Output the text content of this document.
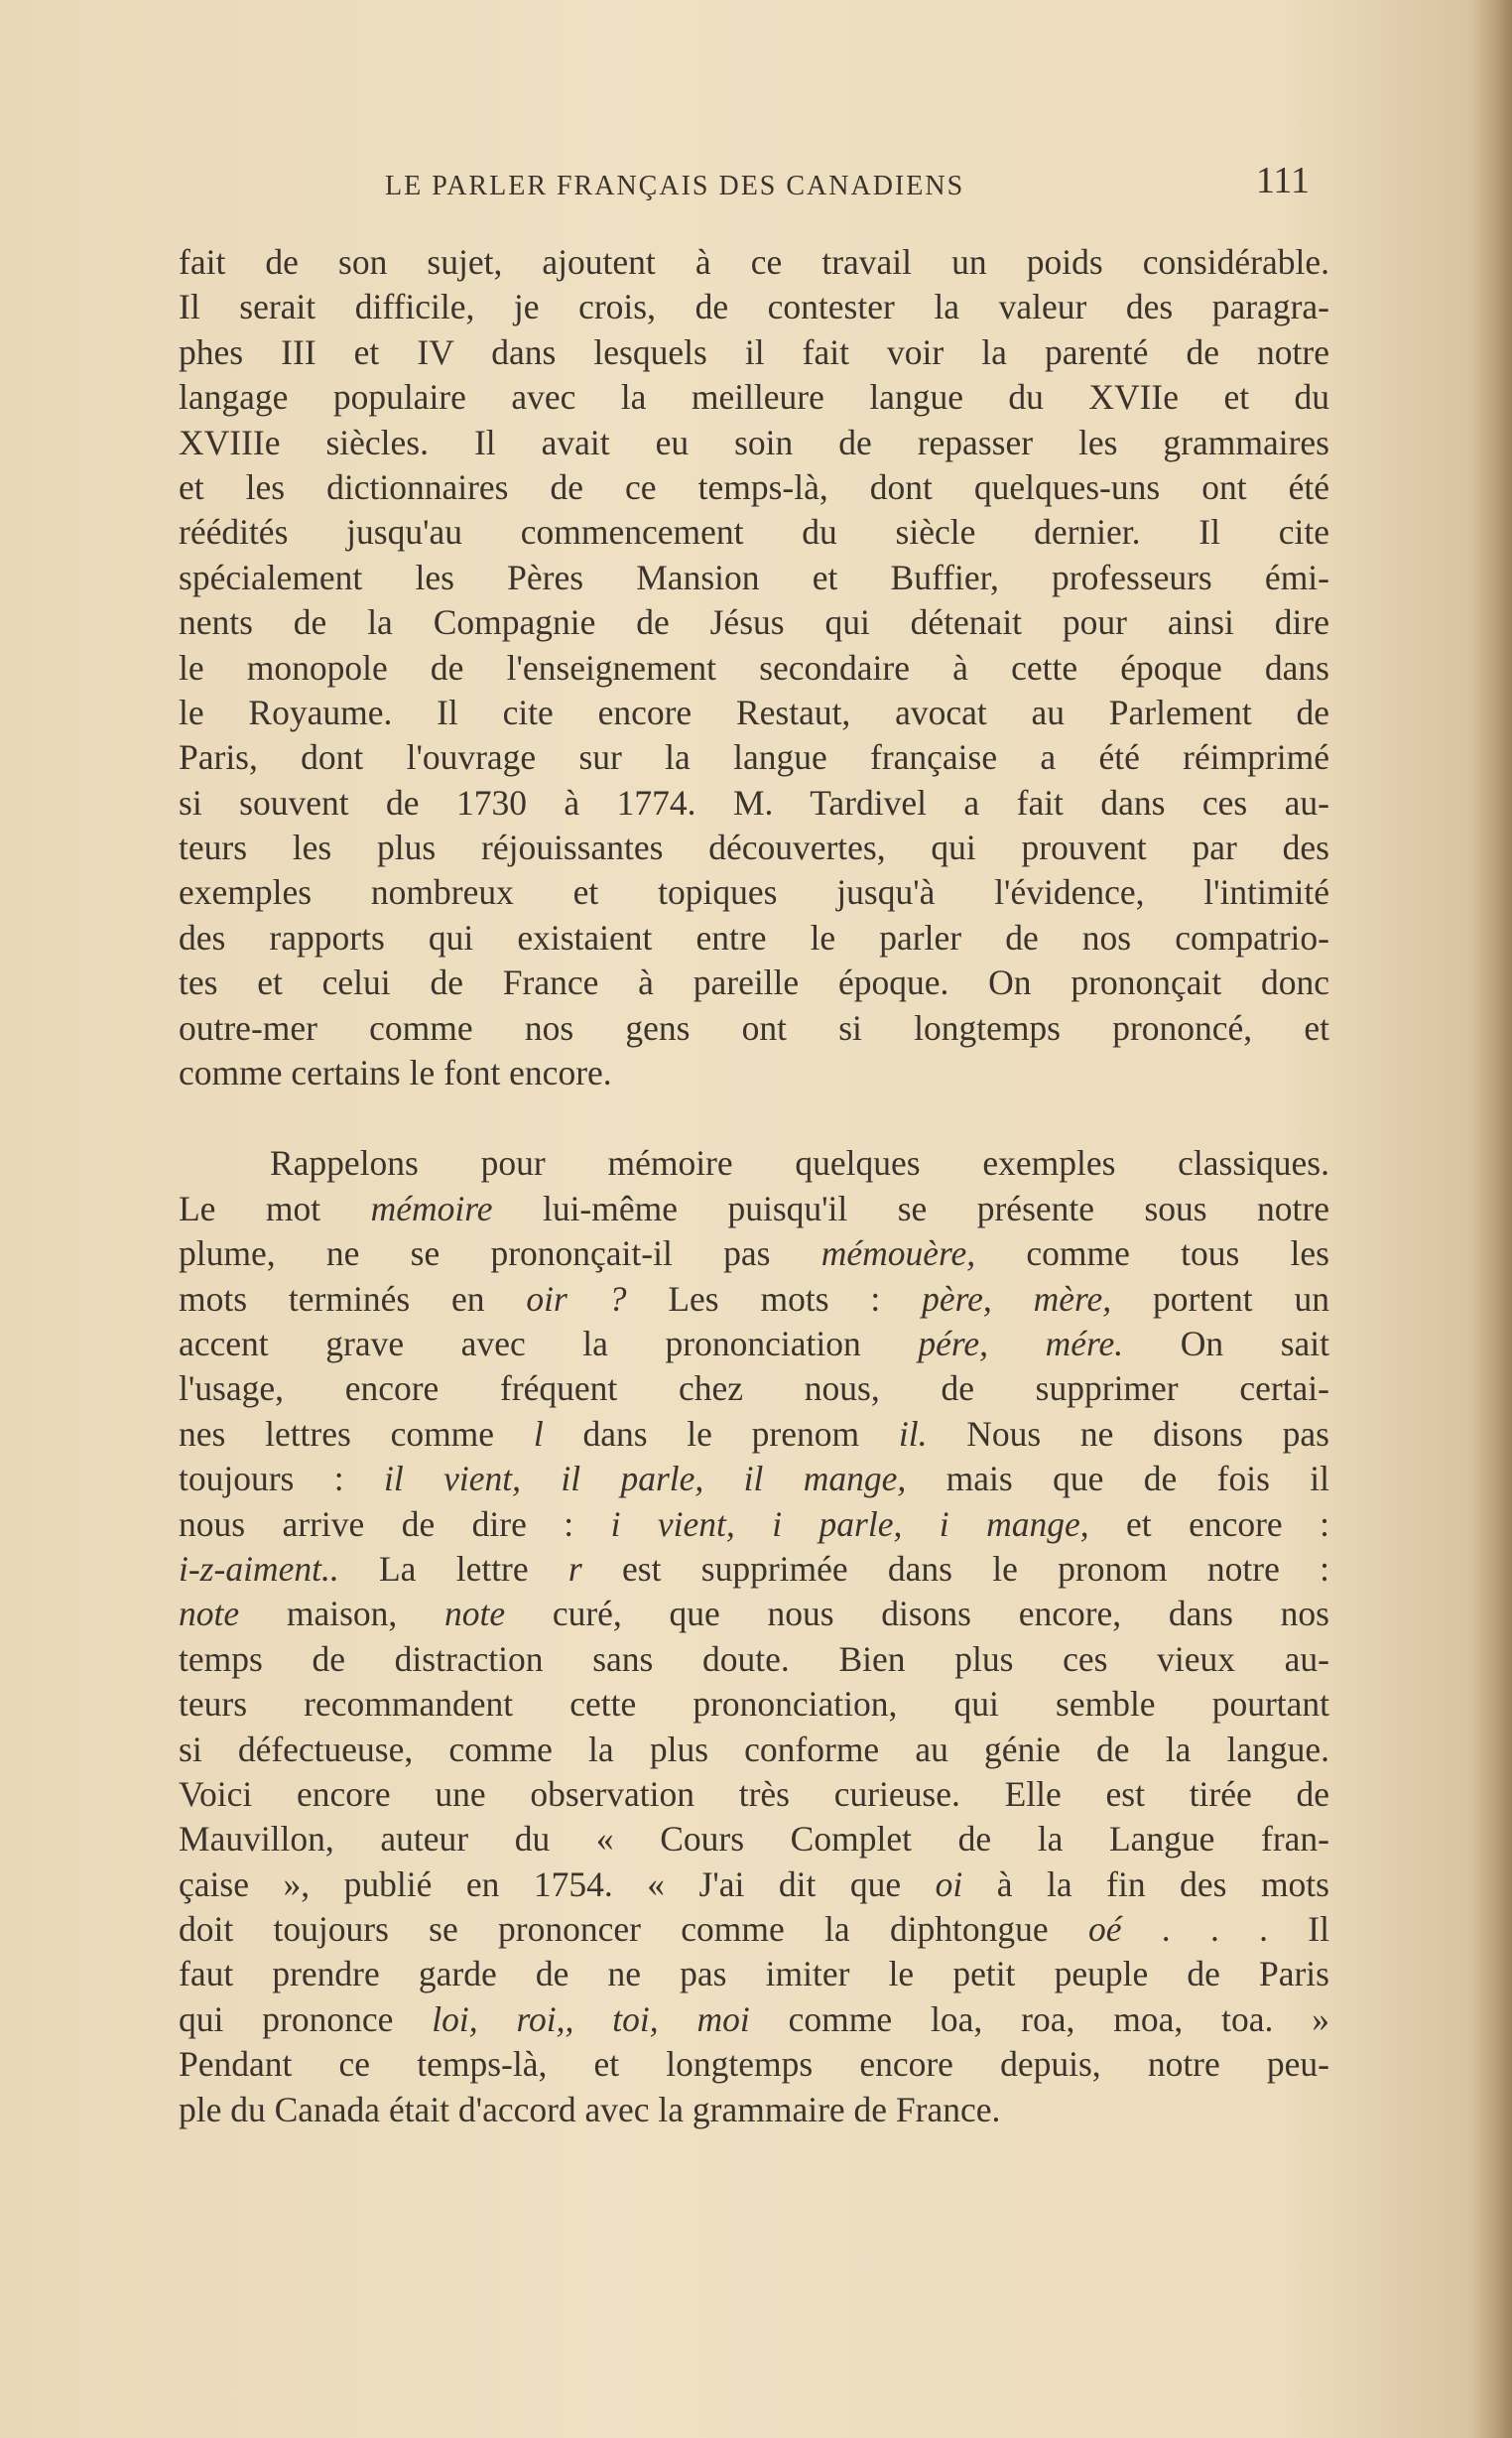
LE PARLER FRANÇAIS DES CANADIENS	111
fait de son sujet, ajoutent à ce travail un poids considérable.
Il serait difficile, je crois, de contester la valeur des paragra-
phes III et IV dans lesquels il fait voir la parenté de notre
langage populaire avec la meilleure langue du XVIIe et du
XVIIIe siècles. Il avait eu soin de repasser les grammaires
et les dictionnaires de ce temps-là, dont quelques-uns ont été
réédités jusqu'au commencement du siècle dernier. Il cite
spécialement les Pères Mansion et Buffier, professeurs émi-
nents de la Compagnie de Jésus qui détenait pour ainsi dire
le monopole de l'enseignement secondaire à cette époque dans
le Royaume. Il cite encore Restaut, avocat au Parlement de
Paris, dont l'ouvrage sur la langue française a été réimprimé
si souvent de 1730 à 1774. M. Tardivel a fait dans ces au-
teurs les plus réjouissantes découvertes, qui prouvent par des
exemples nombreux et topiques jusqu'à l'évidence, l'intimité
des rapports qui existaient entre le parler de nos compatrio-
tes et celui de France à pareille époque. On prononçait donc
outre-mer comme nos gens ont si longtemps prononcé, et
comme certains le font encore.
Rappelons pour mémoire quelques exemples classiques.
Le mot mémoire lui-même puisqu'il se présente sous notre
plume, ne se prononçait-il pas mémouère, comme tous les
mots terminés en oir ? Les mots : père, mère, portent un
accent grave avec la prononciation pére, mére. On sait
l'usage, encore fréquent chez nous, de supprimer certai-
nes lettres comme l dans le prenom il. Nous ne disons pas
toujours : il vient, il parle, il mange, mais que de fois il
nous arrive de dire : i vient, i parle, i mange, et encore :
i-z-aiment.. La lettre r est supprimée dans le pronom notre :
note maison, note curé, que nous disons encore, dans nos
temps de distraction sans doute. Bien plus ces vieux au-
teurs recommandent cette prononciation, qui semble pourtant
si défectueuse, comme la plus conforme au génie de la langue.
Voici encore une observation très curieuse. Elle est tirée de
Mauvillon, auteur du « Cours Complet de la Langue fran-
çaise », publié en 1754. « J'ai dit que oi à la fin des mots
doit toujours se prononcer comme la diphtongue oé . . . Il
faut prendre garde de ne pas imiter le petit peuple de Paris
qui prononce loi, roi,, toi, moi comme loa, roa, moa, toa. »
Pendant ce temps-là, et longtemps encore depuis, notre peu-
ple du Canada était d'accord avec la grammaire de France.
